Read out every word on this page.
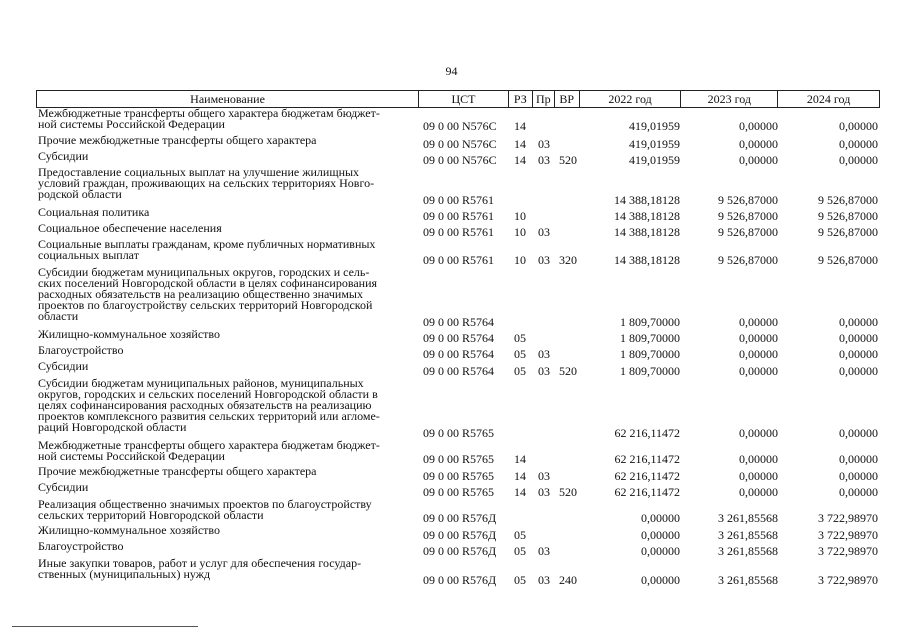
94
Наименование	ЦСТ	РЗ Пр ВР	2022 год	2023 год	2024 год
Межбюджетные трансферты общего характера бюджетам бюджет-
ной системы Российской Федерации	09 0 00 N576C 14	419,01959	0,00000	0,00000
Прочие межбюджетные трансферты общего характера	09 0 00 N576C 14 03	419,01959	0,00000	0,00000
Субсидии	09 0 00 N576C 14 03 520	419,01959	0,00000	0,00000
Предоставление социальных выплат на улучшение жилищных
условий граждан, проживающих на сельских территориях Новго-
родской области	09 0 00 R5761	14 388,18128	9 526,87000	9 526,87000
Социальная политика	09 0 00 R5761 10	14 388,18128	9 526,87000	9 526,87000
Социальное обеспечение населения	09 0 00 R5761 10 03	14 388,18128	9 526,87000	9 526,87000
Социальные выплаты гражданам, кроме публичных нормативных
социальных выплат	09 0 00 R5761 10 03 320	14 388,18128	9 526,87000	9 526,87000
Субсидии бюджетам муниципальных округов, городских и сель-
ских поселений Новгородской области в целях софинансирования
расходных обязательств на реализацию общественно значимых
проектов по благоустройству сельских территорий Новгородской
области	09 0 00 R5764	1 809,70000	0,00000	0,00000
Жилищно-коммунальное хозяйство	09 0 00 R5764 05	1 809,70000	0,00000	0,00000
Благоустройство	09 0 00 R5764 05 03	1 809,70000	0,00000	0,00000
Субсидии	09 0 00 R5764 05 03 520	1 809,70000	0,00000	0,00000
Субсидии бюджетам муниципальных районов, муниципальных
округов, городских и сельских поселений Новгородской области в
целях софинансирования расходных обязательств на реализацию
проектов комплексного развития сельских территорий или агломе-
раций Новгородской области	09 0 00 R5765	62 216,11472	0,00000	0,00000
Межбюджетные трансферты общего характера бюджетам бюджет-
ной системы Российской Федерации	09 0 00 R5765 14	62 216,11472	0,00000	0,00000
Прочие межбюджетные трансферты общего характера	09 0 00 R5765 14 03	62 216,11472	0,00000	0,00000
Субсидии	09 0 00 R5765 14 03 520	62 216,11472	0,00000	0,00000
Реализация общественно значимых проектов по благоустройству
сельских территорий Новгородской области	09 0 00 R576Д	0,00000	3 261,85568	3 722,98970
Жилищно-коммунальное хозяйство	09 0 00 R576Д 05	0,00000	3 261,85568	3 722,98970
Благоустройство	09 0 00 R576Д 05 03	0,00000	3 261,85568	3 722,98970
Иные закупки товаров, работ и услуг для обеспечения государ-
ственных (муниципальных) нужд	09 0 00 R576Д 05 03 240	0,00000	3 261,85568	3 722,98970
